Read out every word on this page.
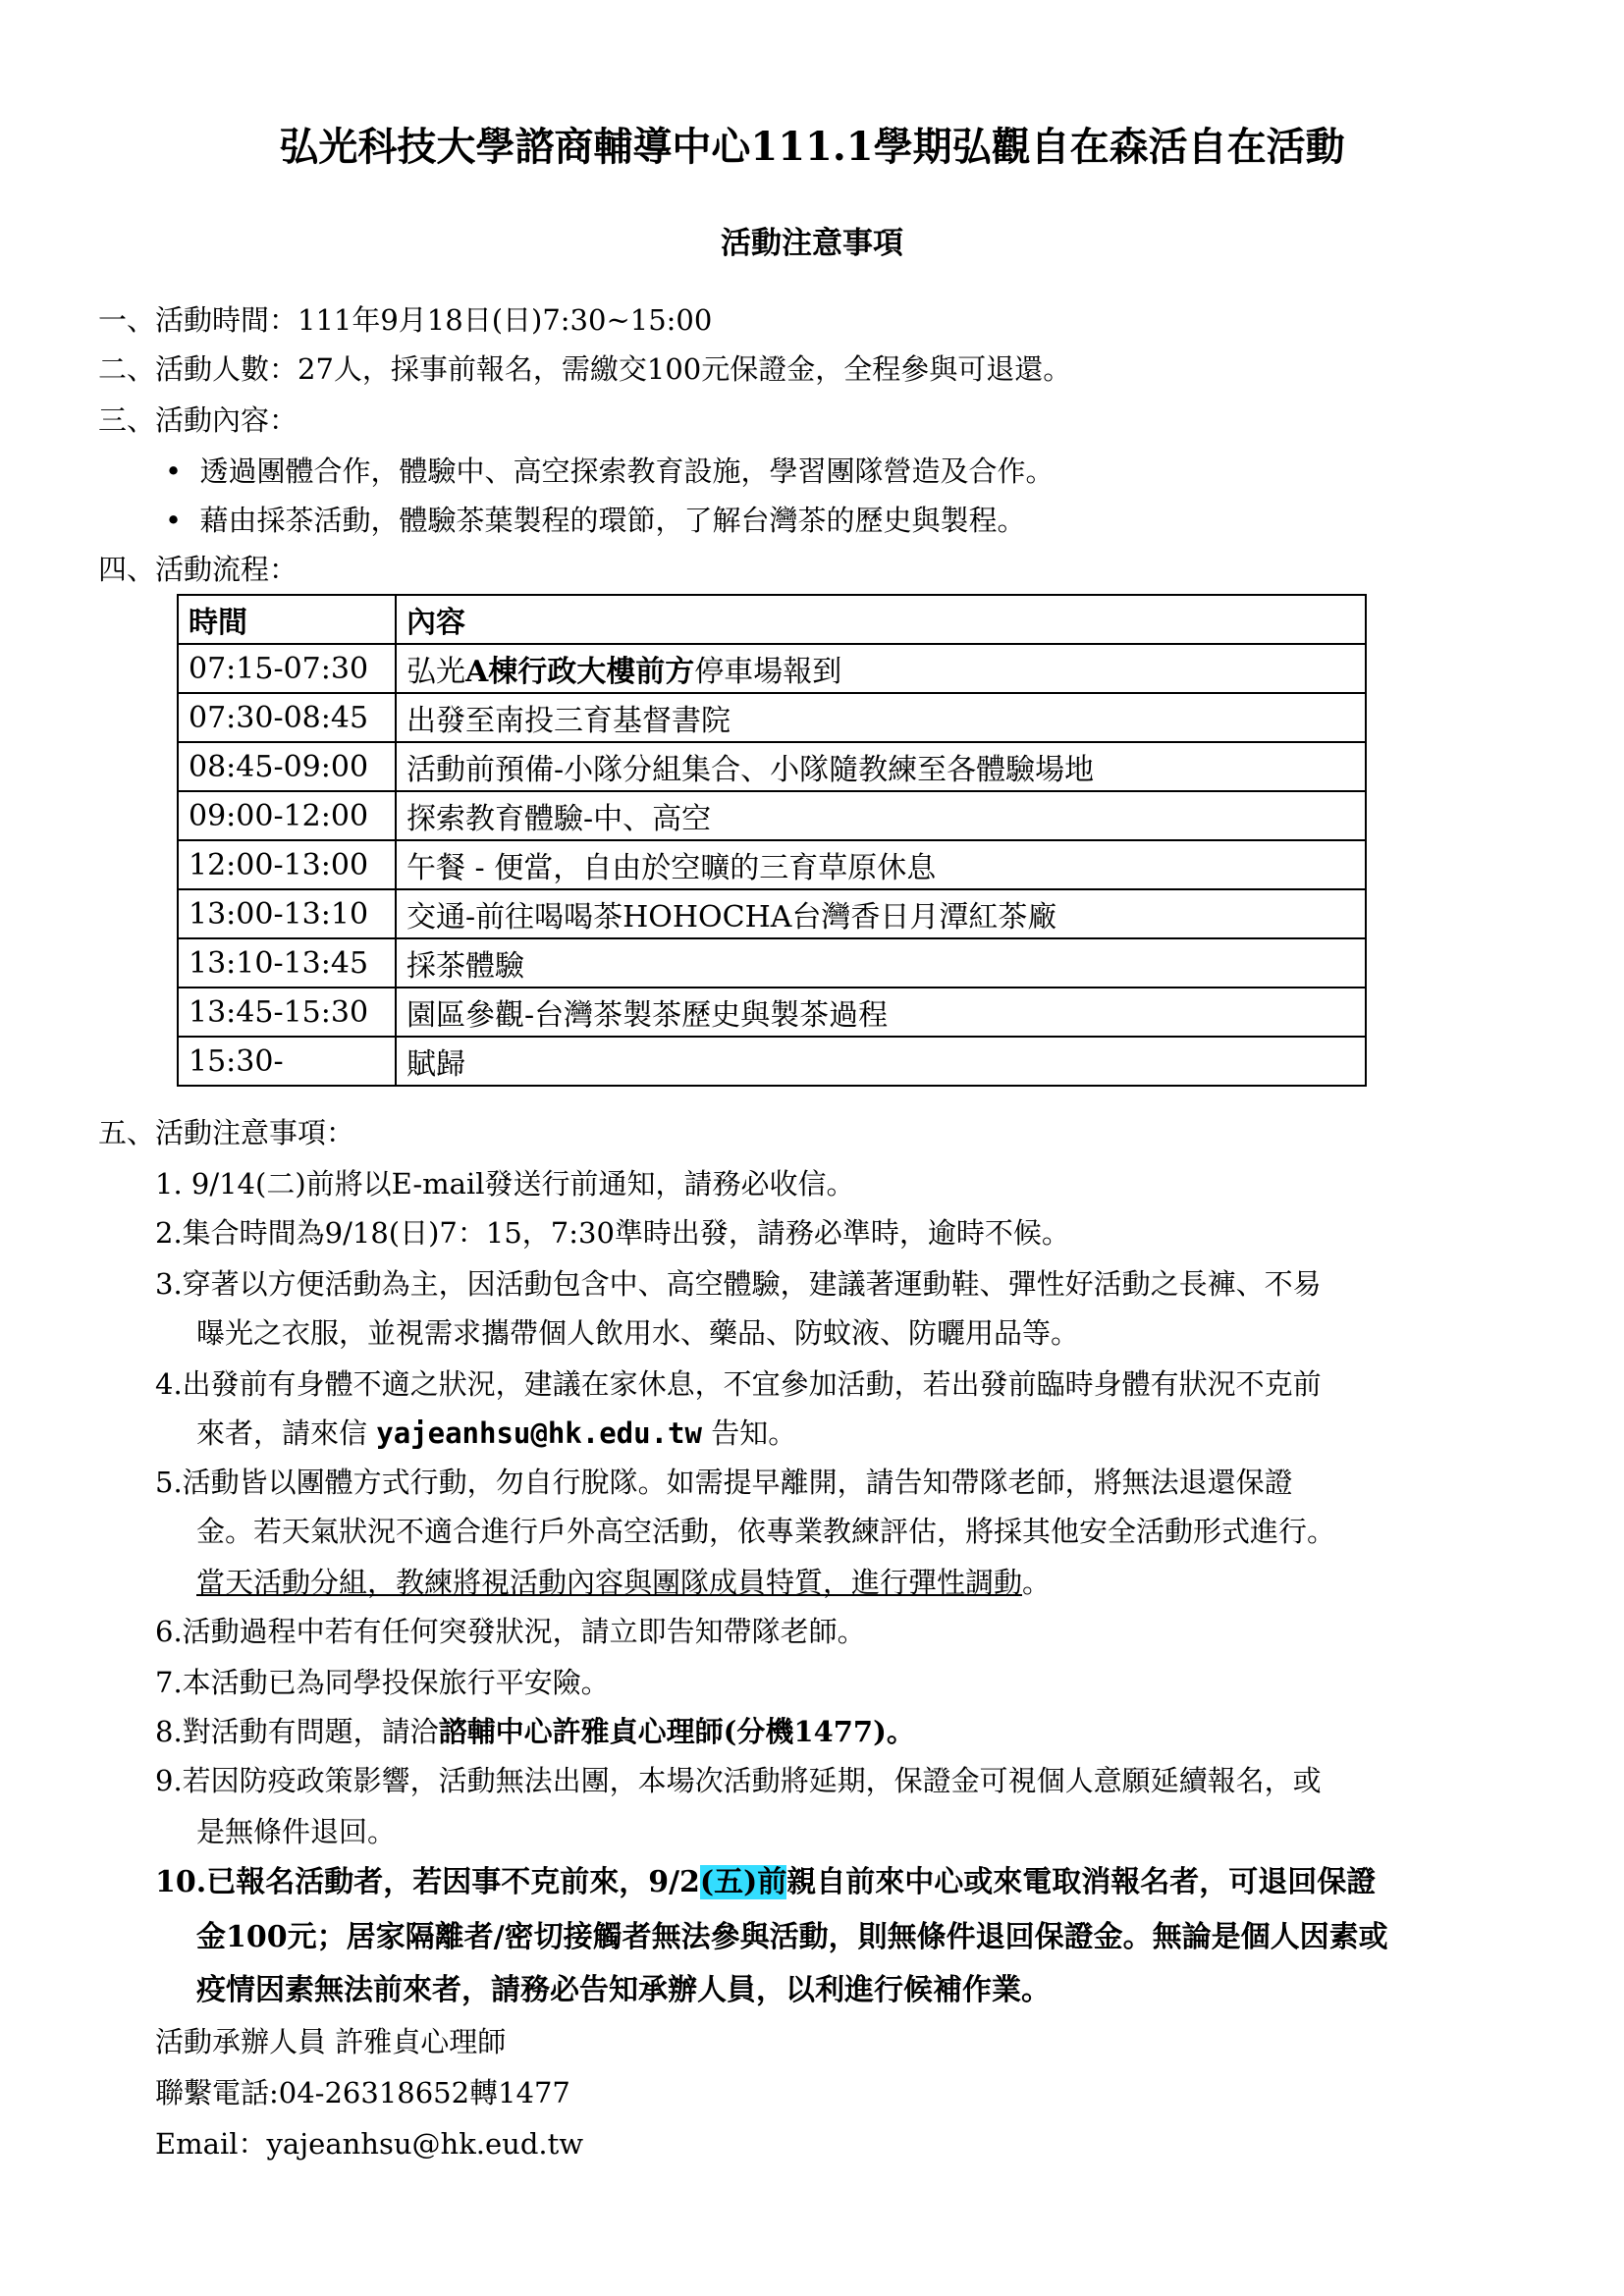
弘光科技大學諮商輔導中心111.1學期弘觀自在森活自在活動
活動注意事項
一、活動時間：111年9月18日(日)7:30~15:00
二、活動人數：27人，採事前報名，需繳交100元保證金，全程參與可退還。
三、活動內容：
•  透過團體合作，體驗中、高空探索教育設施，學習團隊營造及合作。
•  藉由採茶活動，體驗茶葉製程的環節，了解台灣茶的歷史與製程。
四、活動流程：
時間	內容
07:15-07:30	弘光A棟行政大樓前方停車場報到
07:30-08:45	出發至南投三育基督書院
08:45-09:00	活動前預備-小隊分組集合、小隊隨教練至各體驗場地
09:00-12:00	探索教育體驗-中、高空
12:00-13:00	午餐 - 便當，自由於空曠的三育草原休息
13:00-13:10	交通-前往喝喝茶HOHOCHA台灣香日月潭紅茶廠
13:10-13:45	採茶體驗
13:45-15:30	園區參觀-台灣茶製茶歷史與製茶過程
15:30-	賦歸
五、活動注意事項：
1. 9/14(二)前將以E-mail發送行前通知，請務必收信。
2.集合時間為9/18(日)7：15，7:30準時出發，請務必準時，逾時不候。
3.穿著以方便活動為主，因活動包含中、高空體驗，建議著運動鞋、彈性好活動之長褲、不易
曝光之衣服，並視需求攜帶個人飲用水、藥品、防蚊液、防曬用品等。
4.出發前有身體不適之狀況，建議在家休息，不宜參加活動，若出發前臨時身體有狀況不克前
來者，請來信 yajeanhsu@hk.edu.tw 告知。
5.活動皆以團體方式行動，勿自行脫隊。如需提早離開，請告知帶隊老師，將無法退還保證
金。若天氣狀況不適合進行戶外高空活動，依專業教練評估，將採其他安全活動形式進行。
當天活動分組，教練將視活動內容與團隊成員特質，進行彈性調動。
6.活動過程中若有任何突發狀況，請立即告知帶隊老師。
7.本活動已為同學投保旅行平安險。
8.對活動有問題，請洽諮輔中心許雅貞心理師(分機1477)。
9.若因防疫政策影響，活動無法出團，本場次活動將延期，保證金可視個人意願延續報名，或
是無條件退回。
10.已報名活動者，若因事不克前來，9/2(五)前親自前來中心或來電取消報名者，可退回保證
金100元；居家隔離者/密切接觸者無法參與活動，則無條件退回保證金。無論是個人因素或
疫情因素無法前來者，請務必告知承辦人員，以利進行候補作業。
活動承辦人員 許雅貞心理師
聯繫電話:04-26318652轉1477
Email：yajeanhsu@hk.eud.tw
